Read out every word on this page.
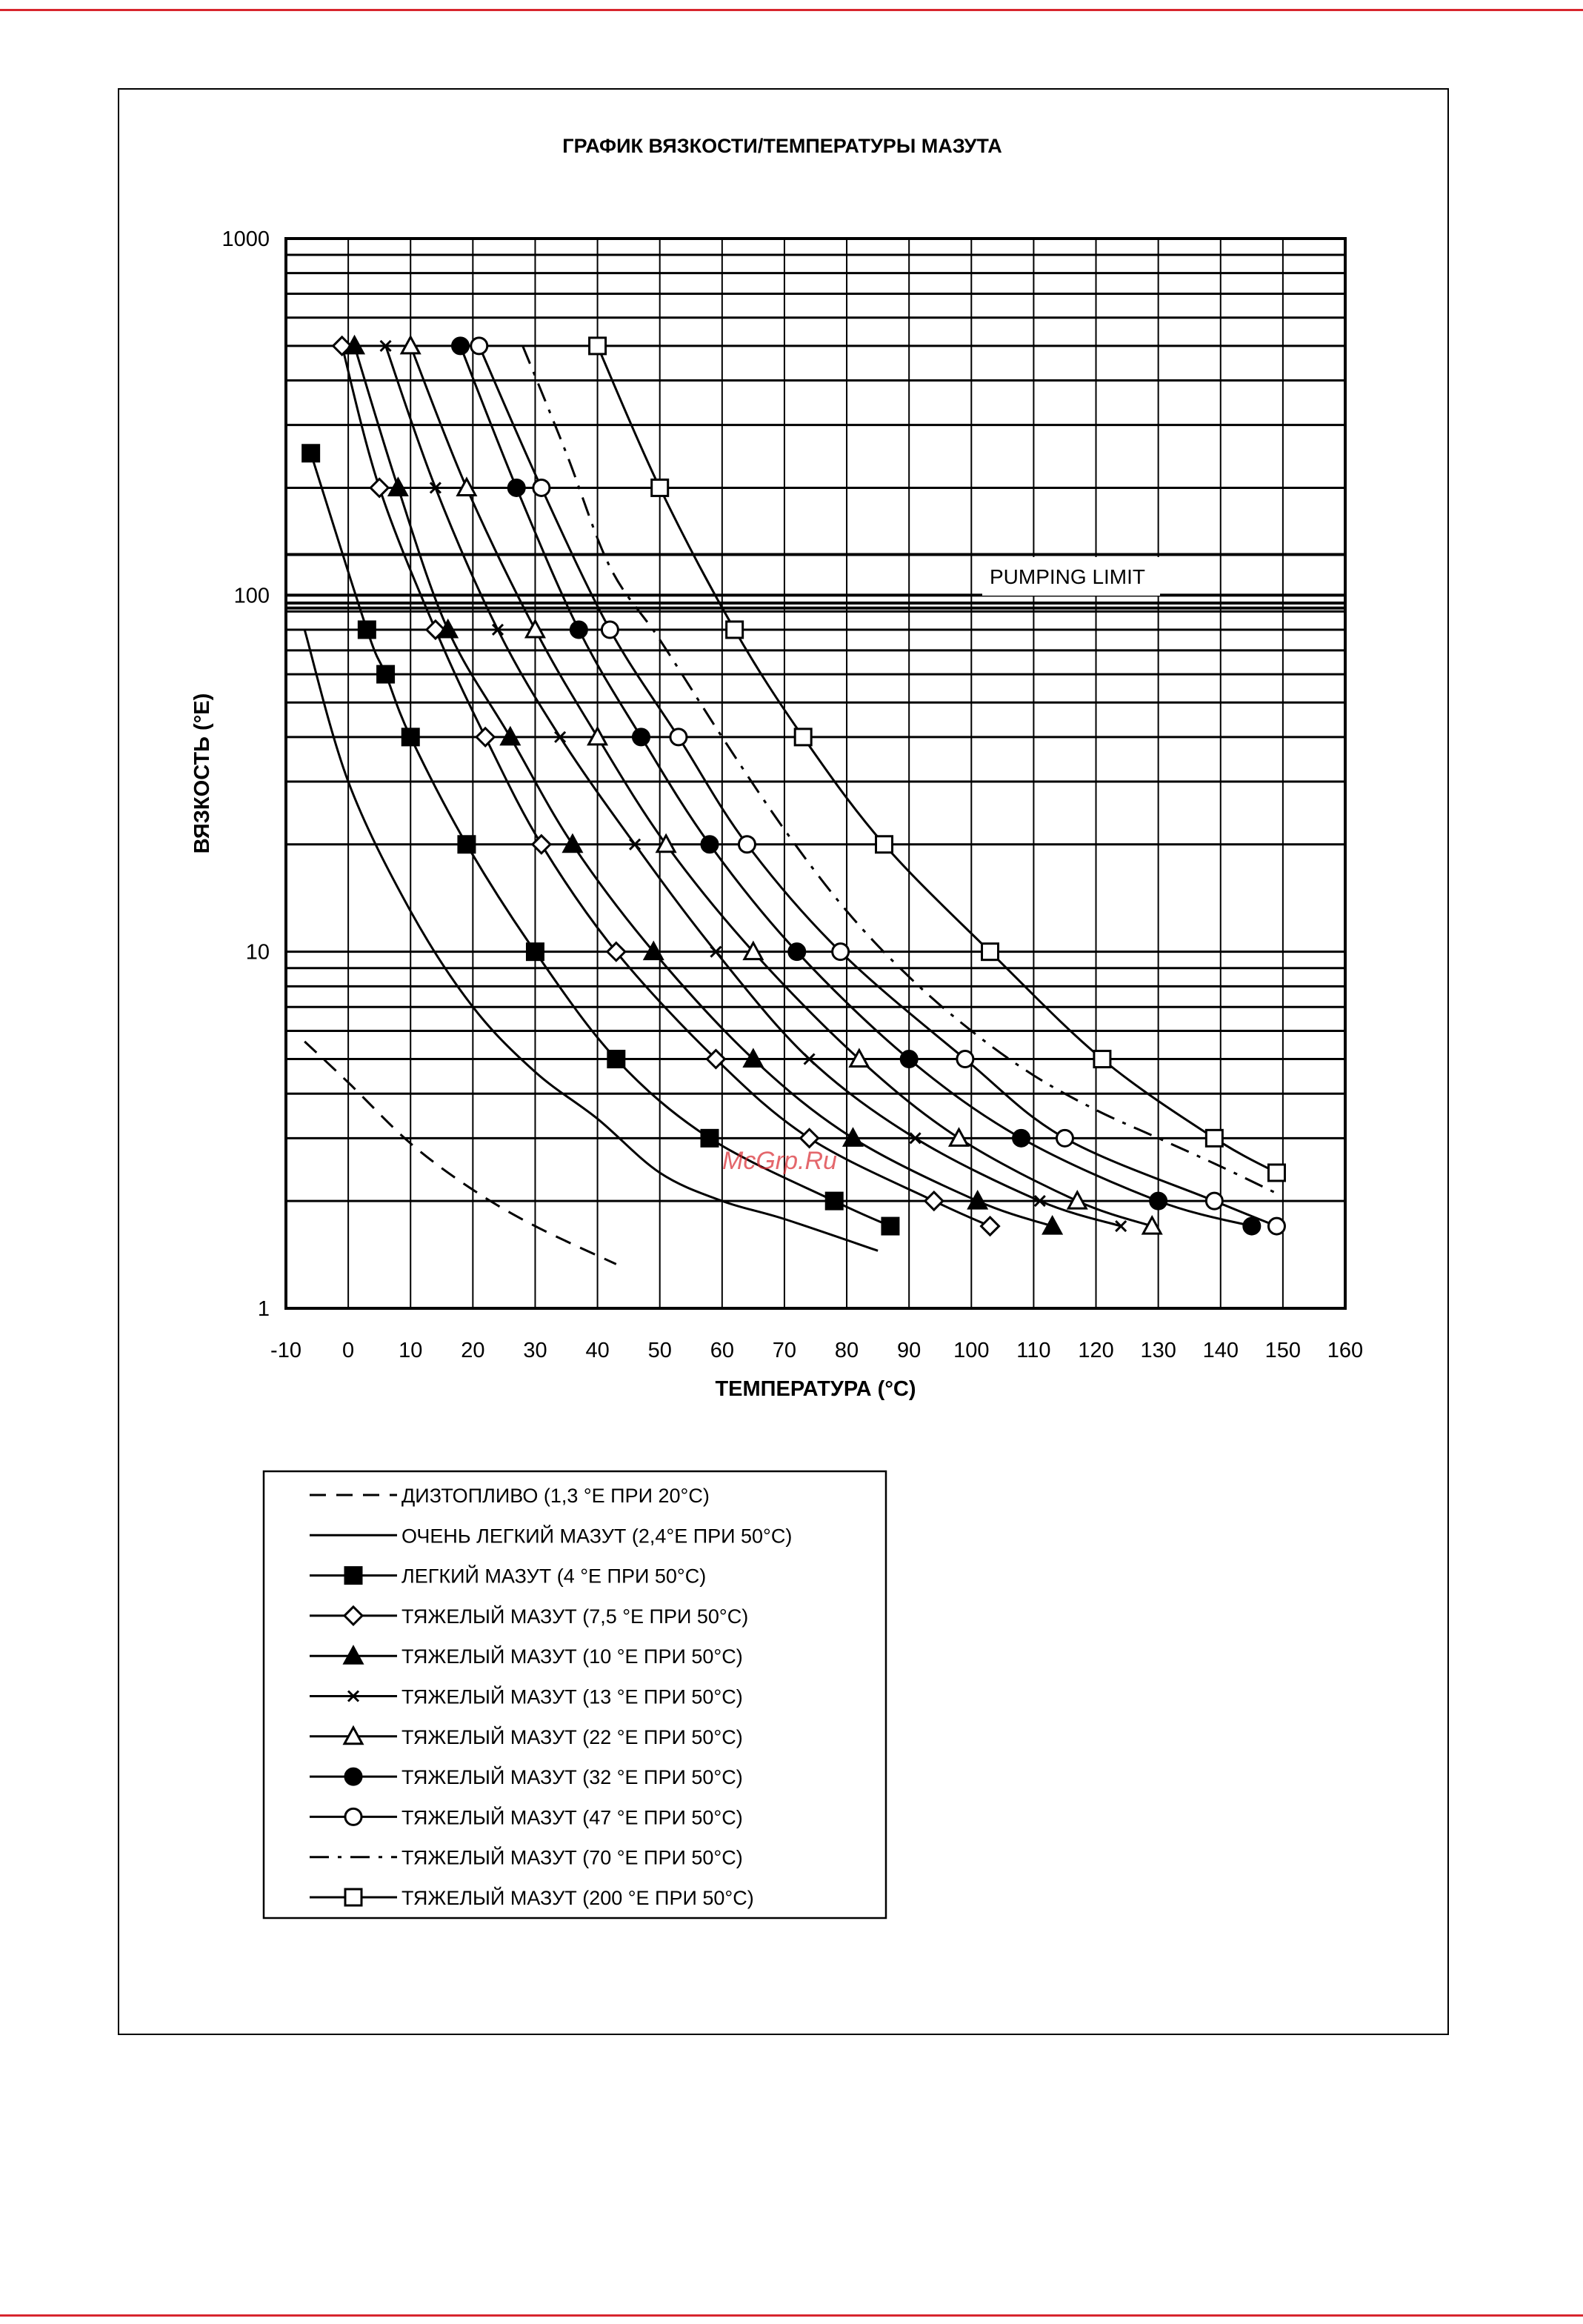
ГРАФИК ВЯЗКОСТИ/ТЕМПЕРАТУРЫ МАЗУТА
-10 0 10 20 30 40 50 60 70 80 90 100 110 120 130 140 150 160
1
10
100
1000
PUMPING LIMIT
McGrp.Ru
ТЕМПЕРАТУРА (°C)
ВЯЗКОСТЬ (°E)
ДИЗТОПЛИВО (1,3 °E ПРИ 20°C)
ОЧЕНЬ ЛЕГКИЙ МАЗУТ (2,4°E ПРИ 50°C)
ЛЕГКИЙ МАЗУТ (4 °E ПРИ 50°C)
ТЯЖЕЛЫЙ МАЗУТ (7,5 °E ПРИ 50°C)
ТЯЖЕЛЫЙ МАЗУТ (10 °E ПРИ 50°C)
ТЯЖЕЛЫЙ МАЗУТ (13 °E ПРИ 50°C)
ТЯЖЕЛЫЙ МАЗУТ (22 °E ПРИ 50°C)
ТЯЖЕЛЫЙ МАЗУТ (32 °E ПРИ 50°C)
ТЯЖЕЛЫЙ МАЗУТ (47 °E ПРИ 50°C)
ТЯЖЕЛЫЙ МАЗУТ (70 °E ПРИ 50°C)
ТЯЖЕЛЫЙ МАЗУТ (200 °E ПРИ 50°C)
